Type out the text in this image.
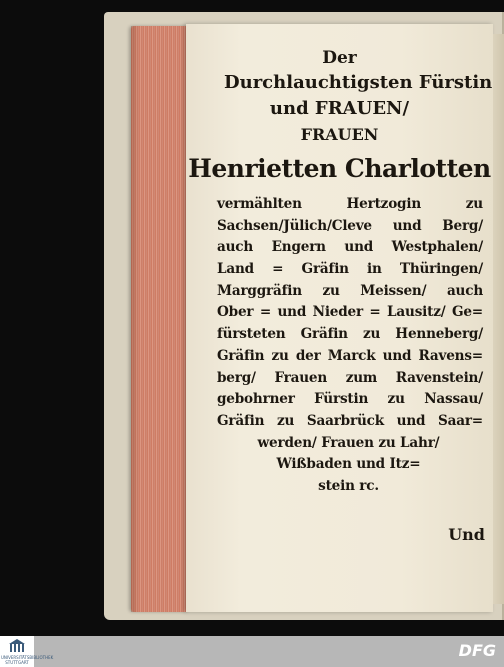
Der
Durchlauchtigsten Fürstin
und FRAUEN/
FRAUEN
Henrietten Charlotten
vermählten Hertzogin zu
Sachsen/Jülich/Cleve und Berg/
auch Engern und Westphalen/
Land = Gräfin in Thüringen/
Marggräfin zu Meissen/ auch
Ober = und Nieder = Lausitz/ Ge=
fürsteten Gräfin zu Henneberg/
Gräfin zu der Marck und Ravens=
berg/ Frauen zum Ravenstein/
gebohrner Fürstin zu Nassau/
Gräfin zu Saarbrück und Saar=
werden/ Frauen zu Lahr/
Wißbaden und Itz=
stein rc.
Und
UNIVERSITÄTSBIBLIOTHEK STUTTGART
DFG
